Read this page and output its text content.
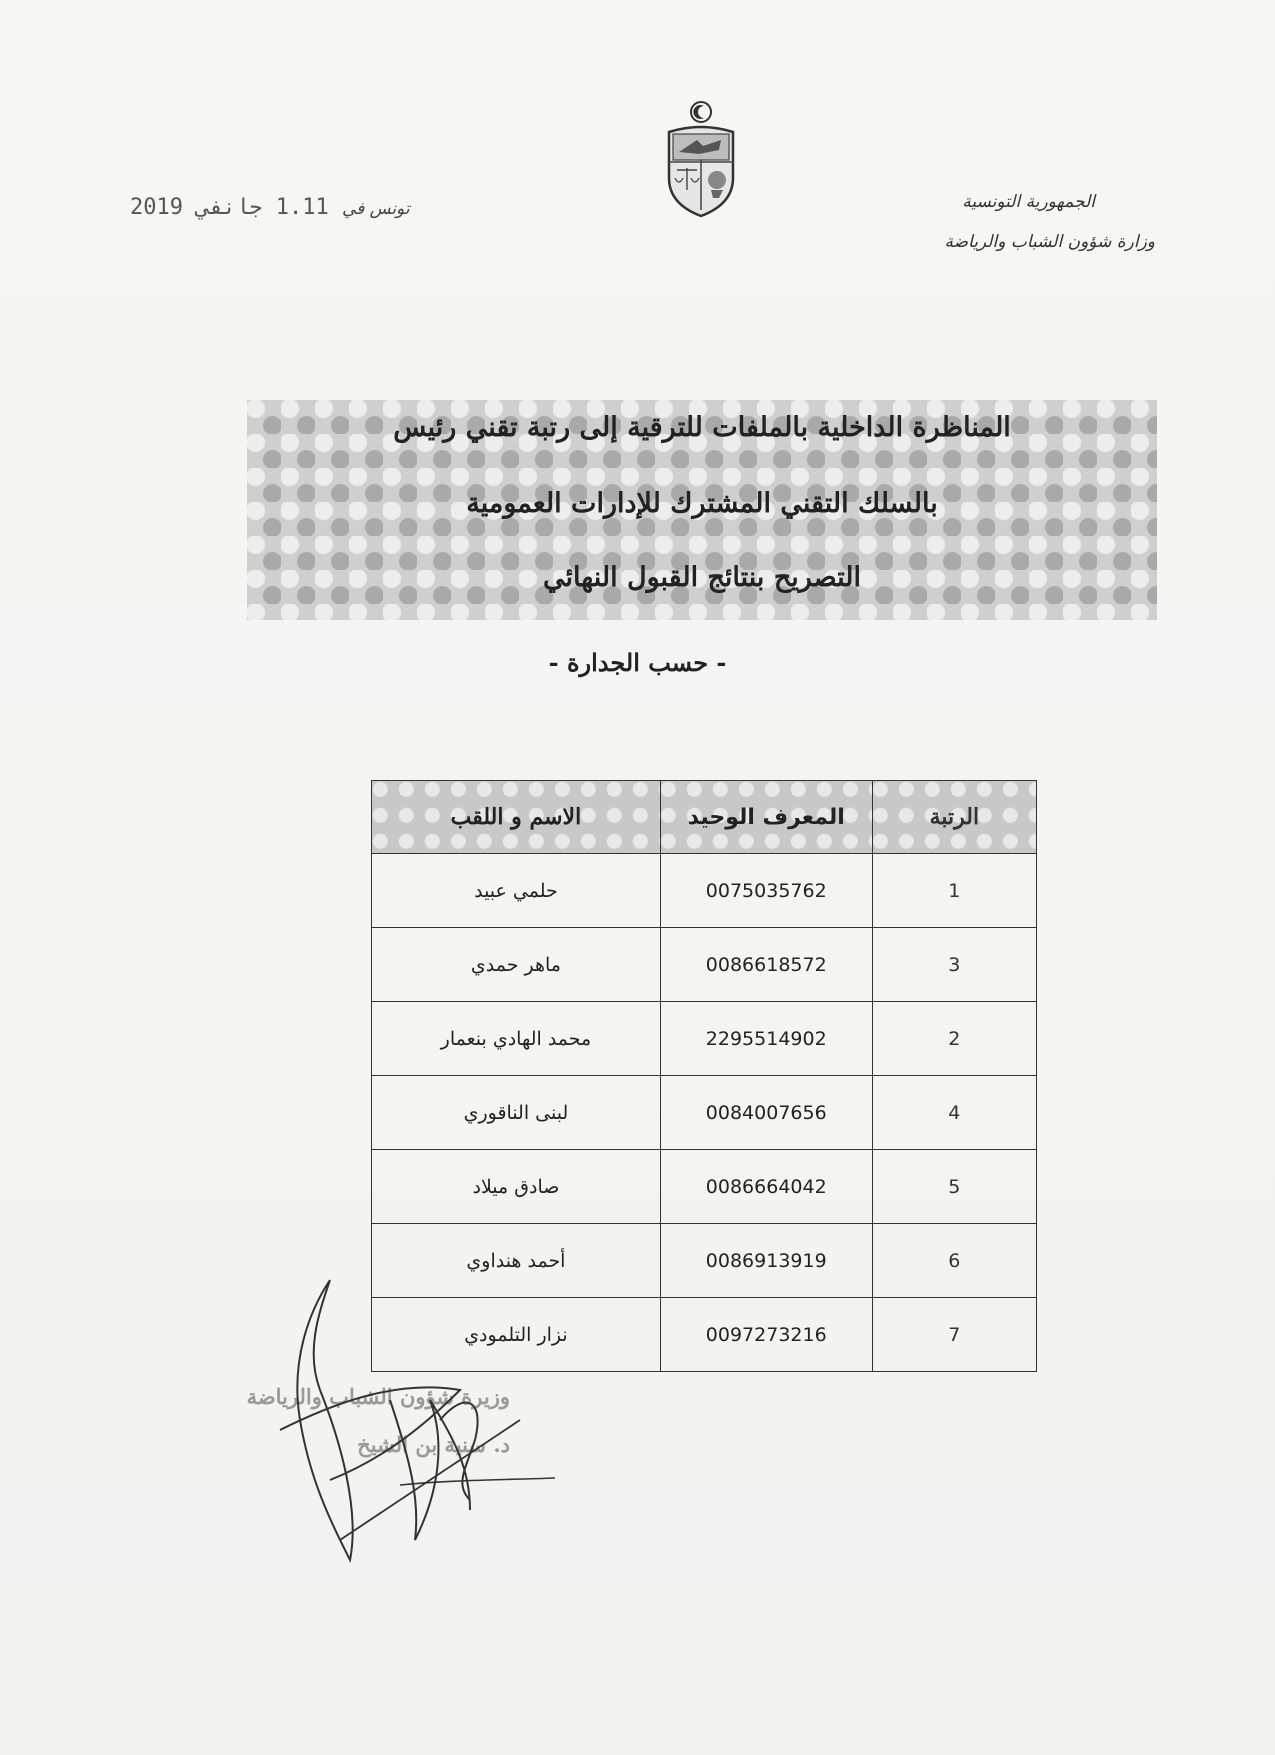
الجمهورية التونسية
وزارة شؤون الشباب والرياضة
تونس في 1.11 جانفي 2019
المناظرة الداخلية بالملفات للترقية إلى رتبة تقني رئيس
بالسلك التقني المشترك للإدارات العمومية
التصريح بنتائج القبول النهائي
- حسب الجدارة -
الرتبة	المعرف الوحيد	الاسم و اللقب
1	0075035762	حلمي عبيد
3	0086618572	ماهر حمدي
2	2295514902	محمد الهادي بنعمار
4	0084007656	لبنى الناقوري
5	0086664042	صادق ميلاد
6	0086913919	أحمد هنداوي
7	0097273216	نزار التلمودي
وزيرة شؤون الشباب والرياضة
د. سنية بن الشيخ
